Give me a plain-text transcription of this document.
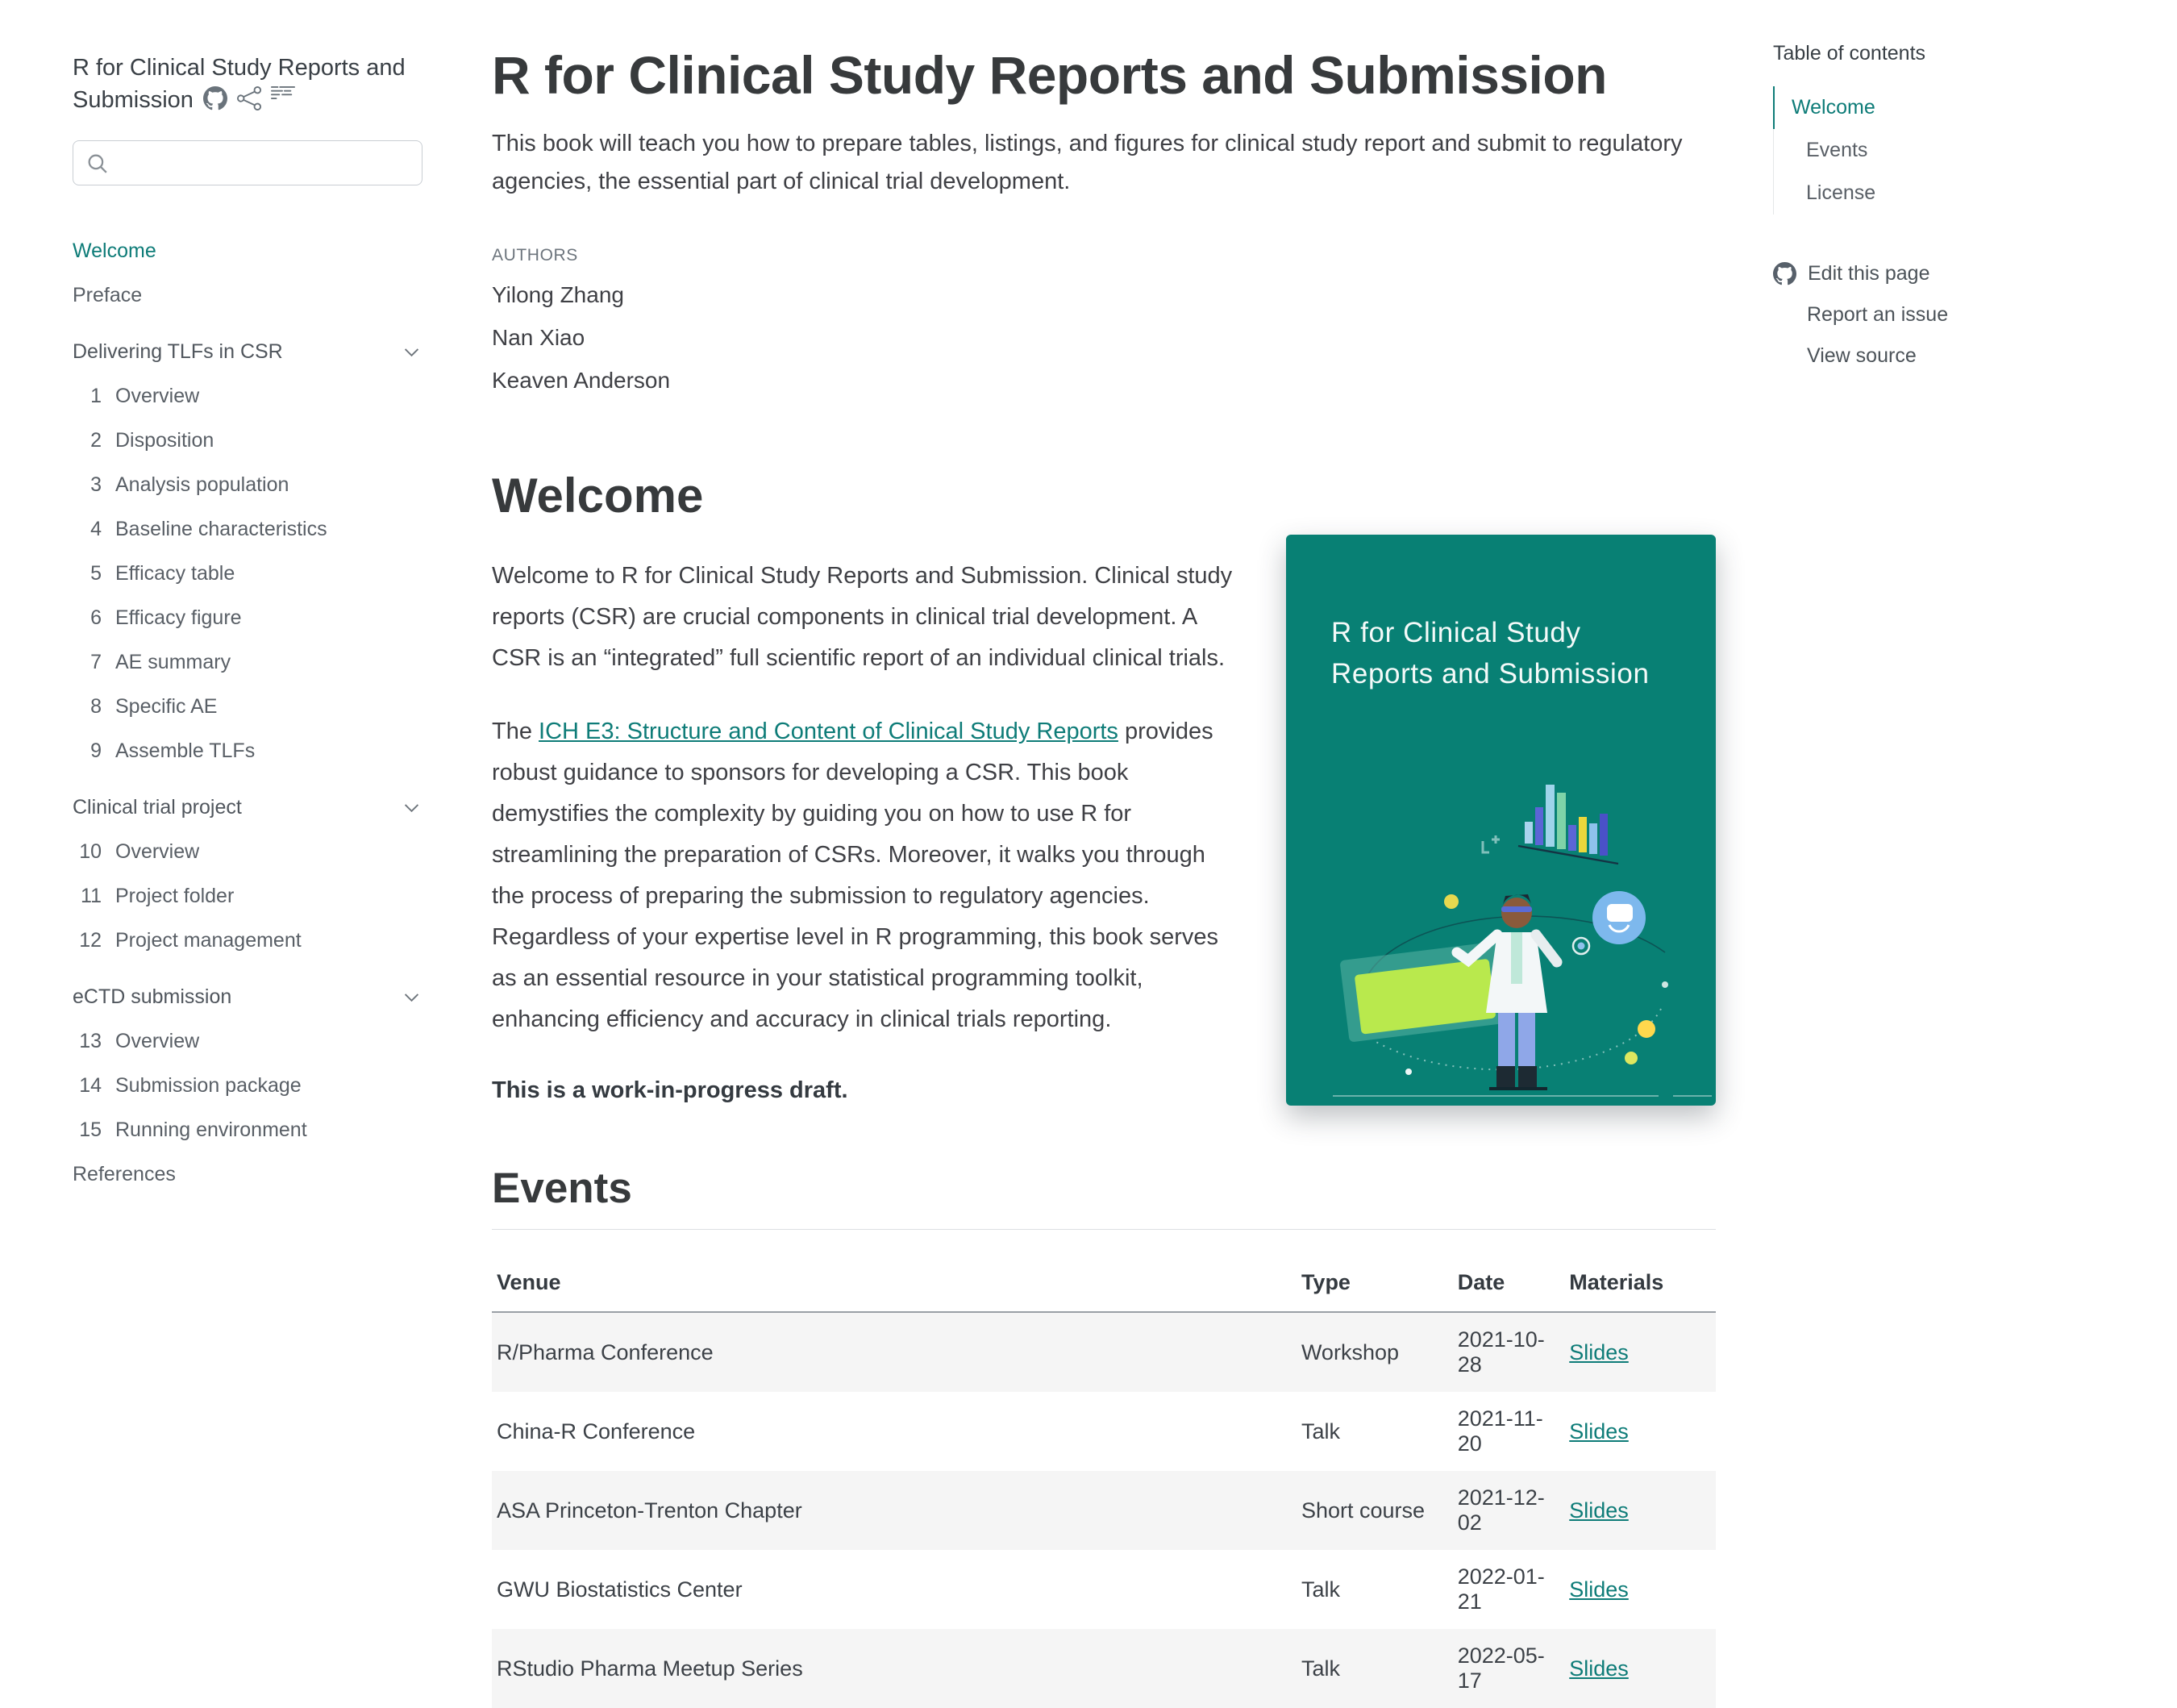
R for Clinical Study Reports and Submission
Welcome
Preface
Delivering TLFs in CSR
1 Overview
2 Disposition
3 Analysis population
4 Baseline characteristics
5 Efficacy table
6 Efficacy figure
7 AE summary
8 Specific AE
9 Assemble TLFs
Clinical trial project
10 Overview
11 Project folder
12 Project management
eCTD submission
13 Overview
14 Submission package
15 Running environment
References
R for Clinical Study Reports and Submission

This book will teach you how to prepare tables, listings, and figures for clinical study report and submit to regulatory agencies, the essential part of clinical trial development.

AUTHORS
Yilong Zhang
Nan Xiao
Keaven Anderson
Welcome
R for Clinical Study
Reports and Submission

Welcome to R for Clinical Study Reports and Submission. Clinical study reports (CSR) are crucial components in clinical trial development. A CSR is an “integrated” full scientific report of an individual clinical trials.

The ICH E3: Structure and Content of Clinical Study Reports provides robust guidance to sponsors for developing a CSR. This book demystifies the complexity by guiding you on how to use R for streamlining the preparation of CSRs. Moreover, it walks you through the process of preparing the submission to regulatory agencies. Regardless of your expertise level in R programming, this book serves as an essential resource in your statistical programming toolkit, enhancing efficiency and accuracy in clinical trials reporting.

This is a work-in-progress draft.

Events
Venue	Type	Date	Materials
R/Pharma Conference	Workshop	2021-10-28	Slides
China-R Conference	Talk	2021-11-20	Slides
ASA Princeton-Trenton Chapter	Short course	2021-12-02	Slides
GWU Biostatistics Center	Talk	2022-01-21	Slides
RStudio Pharma Meetup Series	Talk	2022-05-17	Slides
Table of contents
Welcome
Events
License
Edit this page
Report an issue
View source
